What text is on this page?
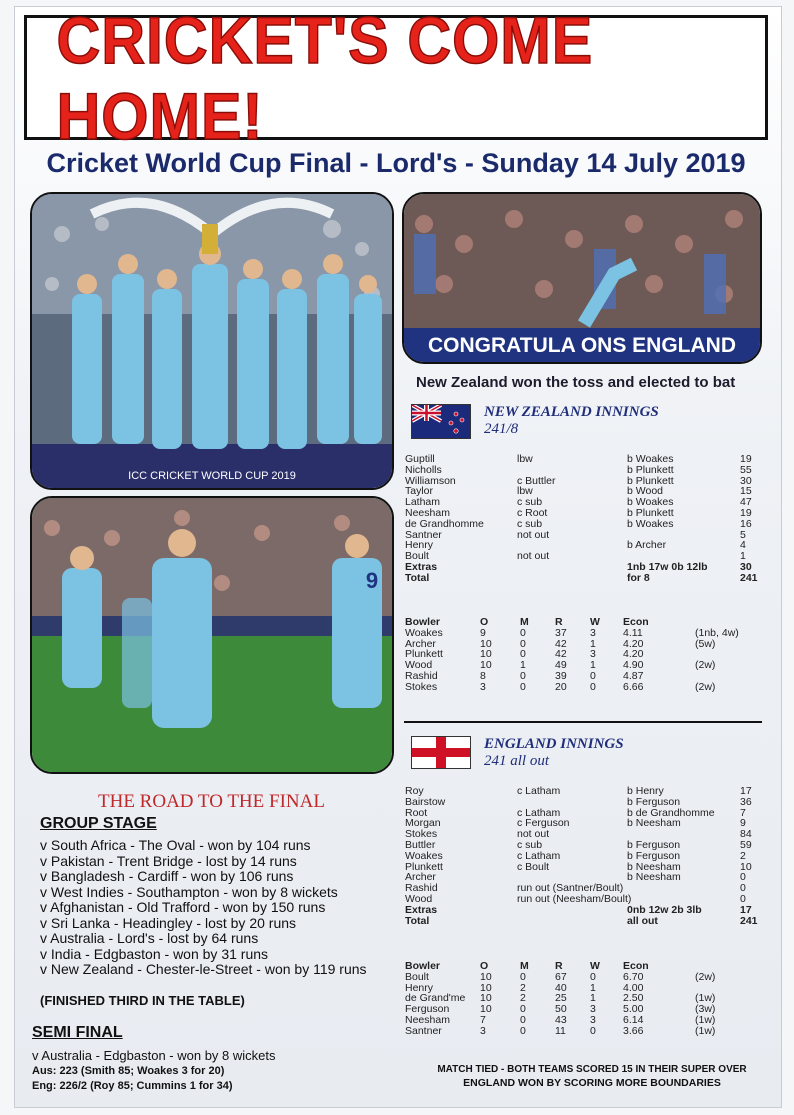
CRICKET'S COME HOME!
Cricket World Cup Final - Lord's - Sunday 14 July 2019
ICC CRICKET WORLD CUP 2019
CONGRATULA ONS ENGLAND
9
New Zealand won the toss and elected to bat
NEW ZEALAND INNINGS
241/8
Guptill	lbw	b Woakes	19
Nicholls	b Plunkett	55
Williamson	c Buttler	b Plunkett	30
Taylor	lbw	b Wood	15
Latham	c sub	b Woakes	47
Neesham	c Root	b Plunkett	19
de Grandhomme	c sub	b Woakes	16
Santner	not out	5
Henry	b Archer	4
Boult	not out	1
Extras	1nb 17w 0b 12lb	30
Total	for 8	241
Bowler	O	M	R	W Econ
Woakes	9	0	37 3	4.11	(1nb, 4w)
Archer	10	0	42 1	4.20	(5w)
Plunkett	10	0	42 3	4.20
Wood	10	1	49 1	4.90	(2w)
Rashid	8	0	39 0	4.87
Stokes	3	0	20 0	6.66	(2w)
ENGLAND INNINGS
241 all out
Roy	c Latham	b Henry	17
Bairstow	b Ferguson	36
Root	c Latham	b de Grandhomme 7
Morgan	c Ferguson	b Neesham	9
Stokes	not out	84
Buttler	c sub	b Ferguson	59
Woakes	c Latham	b Ferguson	2
Plunkett	c Boult	b Neesham	10
Archer	b Neesham	0
Rashid	run out (Santner/Boult)	0
Wood	run out (Neesham/Boult)	0
Extras	0nb 12w 2b 3lb	17
Total	all out	241
Bowler	O	M	R	W Econ
Boult	10	0	67 0	6.70	(2w)
Henry	10	2	40 1	4.00
de Grand'me 10	2	25 1	2.50	(1w)
Ferguson	10	0	50 3	5.00	(3w)
Neesham	7	0	43 3	6.14	(1w)
Santner	3	0	11 0	3.66	(1w)
THE ROAD TO THE FINAL
GROUP STAGE
v South Africa - The Oval - won by 104 runs
v Pakistan - Trent Bridge - lost by 14 runs
v Bangladesh - Cardiff - won by 106 runs
v West Indies - Southampton - won by 8 wickets
v Afghanistan - Old Trafford - won by 150 runs
v Sri Lanka - Headingley - lost by 20 runs
v Australia - Lord's - lost by 64 runs
v India - Edgbaston - won by 31 runs
v New Zealand - Chester-le-Street - won by 119 runs
(FINISHED THIRD IN THE TABLE)
SEMI FINAL
v Australia - Edgbaston - won by 8 wickets
Aus: 223 (Smith 85; Woakes 3 for 20)
Eng: 226/2 (Roy 85; Cummins 1 for 34)
MATCH TIED - BOTH TEAMS SCORED 15 IN THEIR SUPER OVER
ENGLAND WON BY SCORING MORE BOUNDARIES
